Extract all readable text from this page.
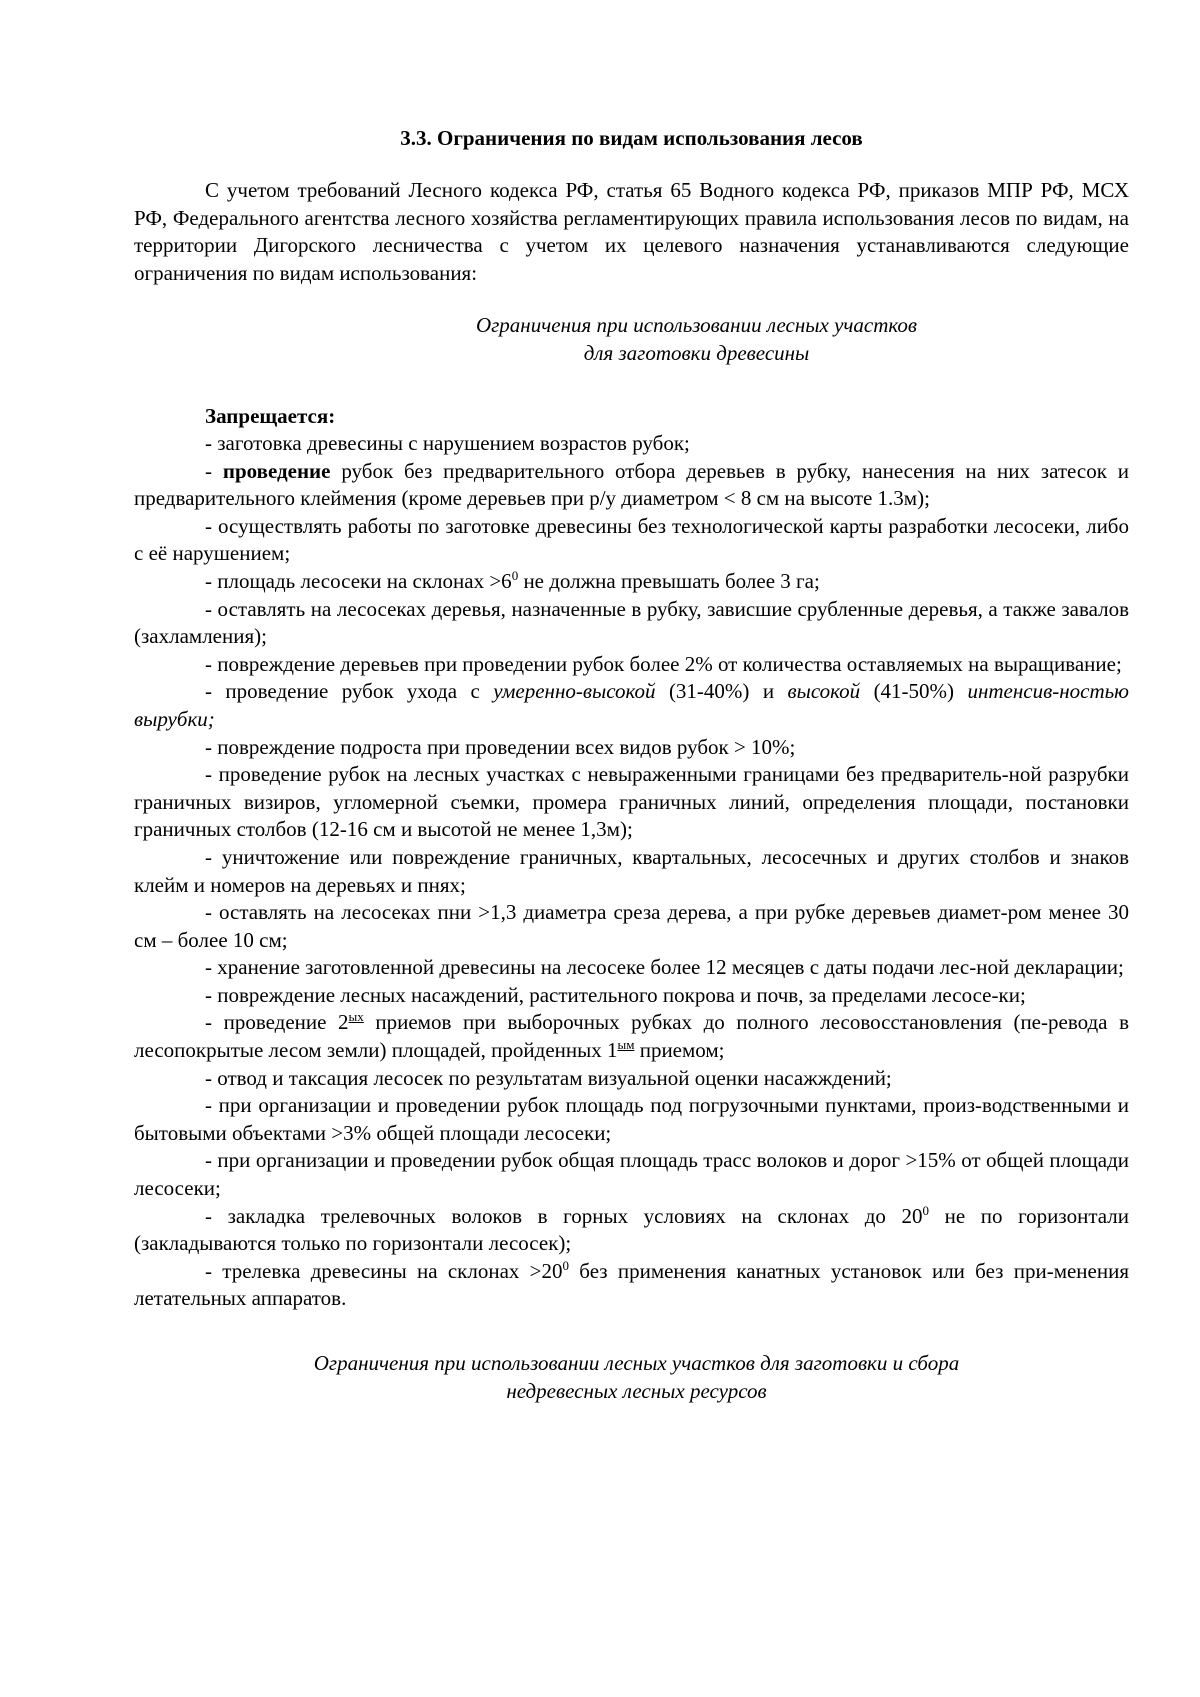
3.3. Ограничения по видам использования лесов

С учетом требований Лесного кодекса РФ, статья 65 Водного кодекса РФ, приказов МПР РФ, МСХ РФ, Федерального агентства лесного хозяйства регламентирующих правила использования лесов по видам, на территории Дигорского лесничества с учетом их целевого назначения устанавливаются следующие ограничения по видам использования:

Ограничения при использовании лесных участков
для заготовки древесины
Запрещается:
- заготовка древесины с нарушением возрастов рубок;
- проведение рубок без предварительного отбора деревьев в рубку, нанесения на них затесок и предварительного клеймения (кроме деревьев при р/у диаметром < 8 см на высоте 1.3м);
- осуществлять работы по заготовке древесины без технологической карты разработки лесосеки, либо с её нарушением;
- площадь лесосеки на склонах $>6^0$ не должна превышать более 3 га;
- оставлять на лесосеках деревья, назначенные в рубку, зависшие срубленные деревья, а также завалов (захламления);
- повреждение деревьев при проведении рубок более 2% от количества оставляемых на выращивание;
- проведение рубок ухода с умеренно-высокой (31-40%) и высокой (41-50%) интенсив-ностью вырубки;
- повреждение подроста при проведении всех видов рубок > 10%;
- проведение рубок на лесных участках с невыраженными границами без предваритель-ной разрубки граничных визиров, угломерной съемки, промера граничных линий, определения площади, постановки граничных столбов (12-16 см и высотой не менее 1,3м);
- уничтожение или повреждение граничных, квартальных, лесосечных и других столбов и знаков клейм и номеров на деревьях и пнях;
- оставлять на лесосеках пни >1,3 диаметра среза дерева, а при рубке деревьев диамет-ром менее 30 см – более 10 см;
- хранение заготовленной древесины на лесосеке более 12 месяцев с даты подачи лес-ной декларации;
- повреждение лесных насаждений, растительного покрова и почв, за пределами лесосе-ки;
- проведение $2^{ых}$ приемов при выборочных рубках до полного лесовосстановления (пе-ревода в лесопокрытые лесом земли) площадей, пройденных $1^{ым}$ приемом;
- отвод и таксация лесосек по результатам визуальной оценки насажждений;
- при организации и проведении рубок площадь под погрузочными пунктами, произ-водственными и бытовыми объектами >3% общей площади лесосеки;
- при организации и проведении рубок общая площадь трасс волоков и дорог >15% от общей площади лесосеки;
- закладка трелевочных волоков в горных условиях на склонах до $20^0$ не по горизонтали (закладываются только по горизонтали лесосек);
- трелевка древесины на склонах $>20^0$ без применения канатных установок или без при-менения летательных аппаратов.
Ограничения при использовании лесных участков для заготовки и сбора
недревесных лесных ресурсов
